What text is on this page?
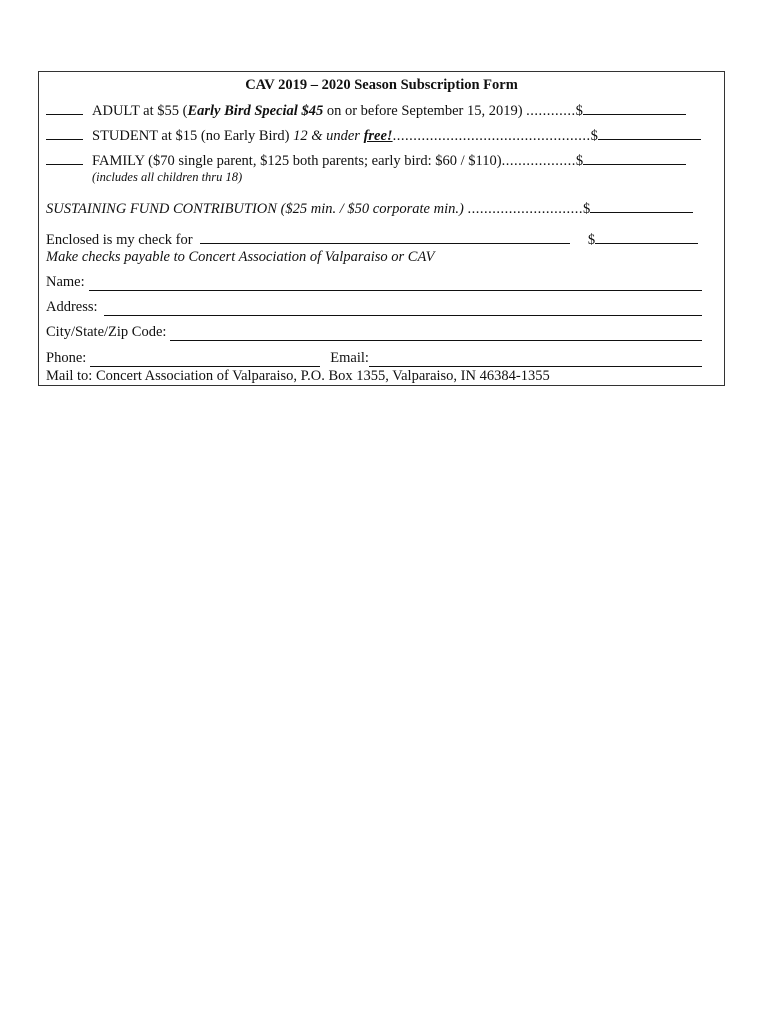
CAV 2019 – 2020 Season Subscription Form
ADULT at $55 (Early Bird Special $45 on or before September 15, 2019) ............$
STUDENT at $15 (no Early Bird) 12 & under free!................................................$
FAMILY ($70 single parent, $125 both parents; early bird: $60 / $110)..................$
(includes all children thru 18)
SUSTAINING FUND CONTRIBUTION ($25 min. / $50 corporate min.) ............................$
Enclosed is my check for	$
Make checks payable to Concert Association of Valparaiso or CAV
Name:
Address:
City/State/Zip Code:
Phone:	Email:
Mail to: Concert Association of Valparaiso, P.O. Box 1355, Valparaiso, IN 46384-1355
